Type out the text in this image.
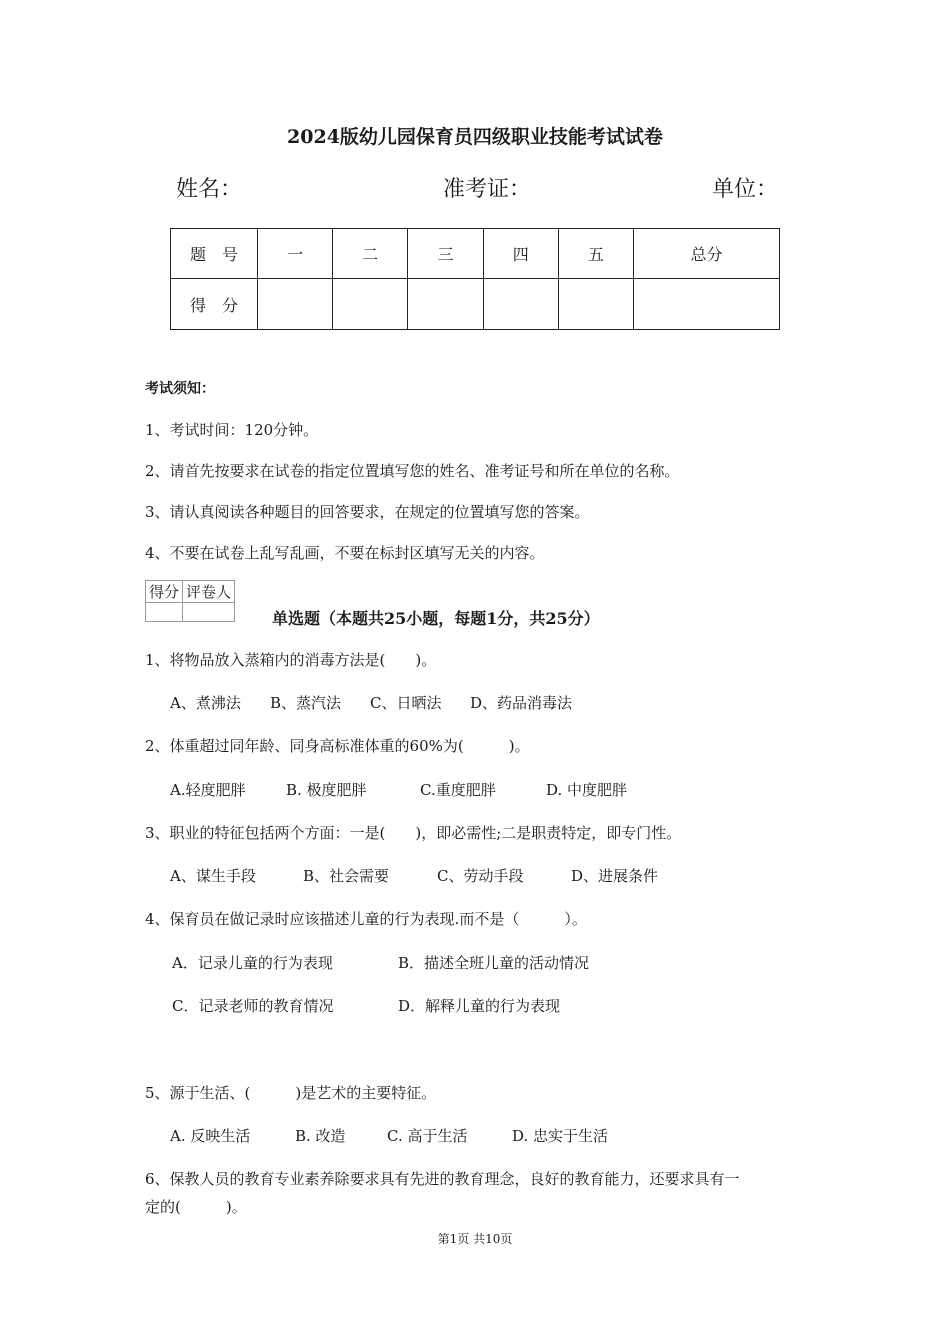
2024版幼儿园保育员四级职业技能考试试卷
姓名：	准考证：	单位：
题　号	一	二	三	四	五	总分
得　分						
考试须知：
1、考试时间：120分钟。
2、请首先按要求在试卷的指定位置填写您的姓名、准考证号和所在单位的名称。
3、请认真阅读各种题目的回答要求，在规定的位置填写您的答案。
4、不要在试卷上乱写乱画，不要在标封区填写无关的内容。
得分	评卷人

单选题（本题共25小题，每题1分，共25分）
1、将物品放入蒸箱内的消毒方法是(　　)。
A、煮沸法 B、蒸汽法 C、日晒法 D、药品消毒法
2、体重超过同年龄、同身高标准体重的60%为(　　　)。
A.轻度肥胖	B. 极度肥胖	C.重度肥胖	D. 中度肥胖
3、职业的特征包括两个方面：一是(　　)，即必需性;二是职责特定，即专门性。
A、谋生手段	B、社会需要	C、劳动手段	D、进展条件
4、保育员在做记录时应该描述儿童的行为表现.而不是（　　　）。
A．记录儿童的行为表现	B．描述全班儿童的活动情况
C．记录老师的教育情况	D．解释儿童的行为表现
5、源于生活、(　　　)是艺术的主要特征。
A. 反映生活	B. 改造	C. 高于生活	D. 忠实于生活
6、保教人员的教育专业素养除要求具有先进的教育理念，良好的教育能力，还要求具有一
定的(　　　)。
第1页 共10页
